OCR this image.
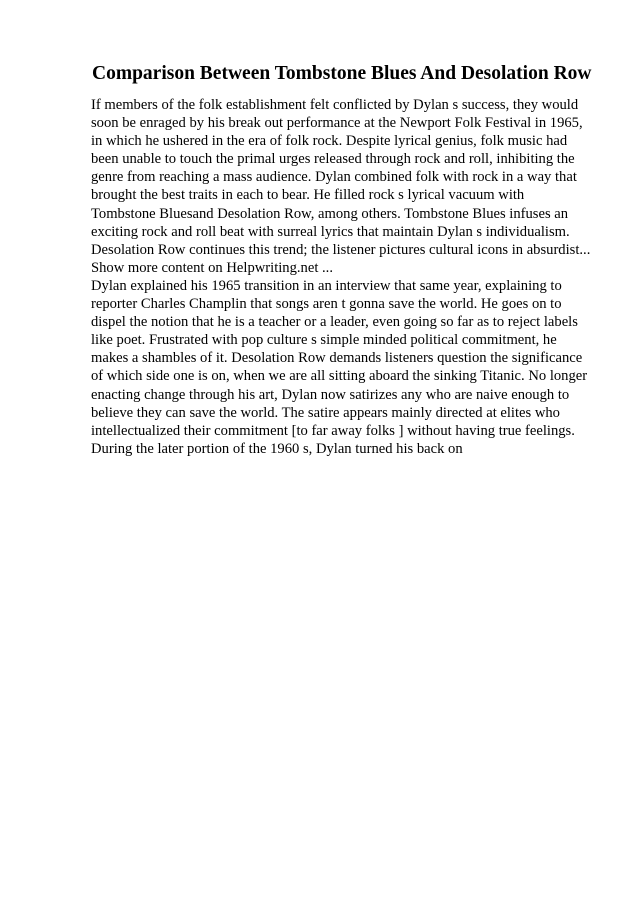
Comparison Between Tombstone Blues And Desolation Row
If members of the folk establishment felt conflicted by Dylan s success, they would
soon be enraged by his break out performance at the Newport Folk Festival in 1965,
in which he ushered in the era of folk rock. Despite lyrical genius, folk music had
been unable to touch the primal urges released through rock and roll, inhibiting the
genre from reaching a mass audience. Dylan combined folk with rock in a way that
brought the best traits in each to bear. He filled rock s lyrical vacuum with
Tombstone Bluesand Desolation Row, among others. Tombstone Blues infuses an
exciting rock and roll beat with surreal lyrics that maintain Dylan s individualism.
Desolation Row continues this trend; the listener pictures cultural icons in absurdist...
Show more content on Helpwriting.net ...
Dylan explained his 1965 transition in an interview that same year, explaining to
reporter Charles Champlin that songs aren t gonna save the world. He goes on to
dispel the notion that he is a teacher or a leader, even going so far as to reject labels
like poet. Frustrated with pop culture s simple minded political commitment, he
makes a shambles of it. Desolation Row demands listeners question the significance
of which side one is on, when we are all sitting aboard the sinking Titanic. No longer
enacting change through his art, Dylan now satirizes any who are naive enough to
believe they can save the world. The satire appears mainly directed at elites who
intellectualized their commitment [to far away folks ] without having true feelings.
During the later portion of the 1960 s, Dylan turned his back on
